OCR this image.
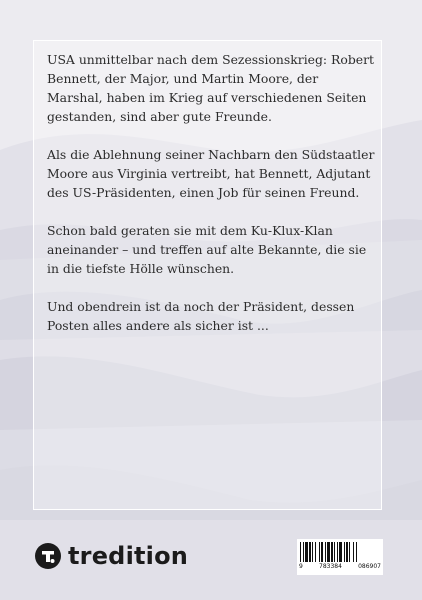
USA unmittelbar nach dem Sezessionskrieg: Robert Bennett, der Major, und Martin Moore, der Marshal, haben im Krieg auf verschiedenen Seiten gestanden, sind aber gute Freunde.

Als die Ablehnung seiner Nachbarn den Südstaatler Moore aus Virginia vertreibt, hat Bennett, Adjutant des US-Präsidenten, einen Job für seinen Freund.

Schon bald geraten sie mit dem Ku-Klux-Klan aneinander – und treffen auf alte Bekannte, die sie in die tiefste Hölle wünschen.

Und obendrein ist da noch der Präsident, dessen Posten alles andere als sicher ist ...

tredition	9	783384	086907
